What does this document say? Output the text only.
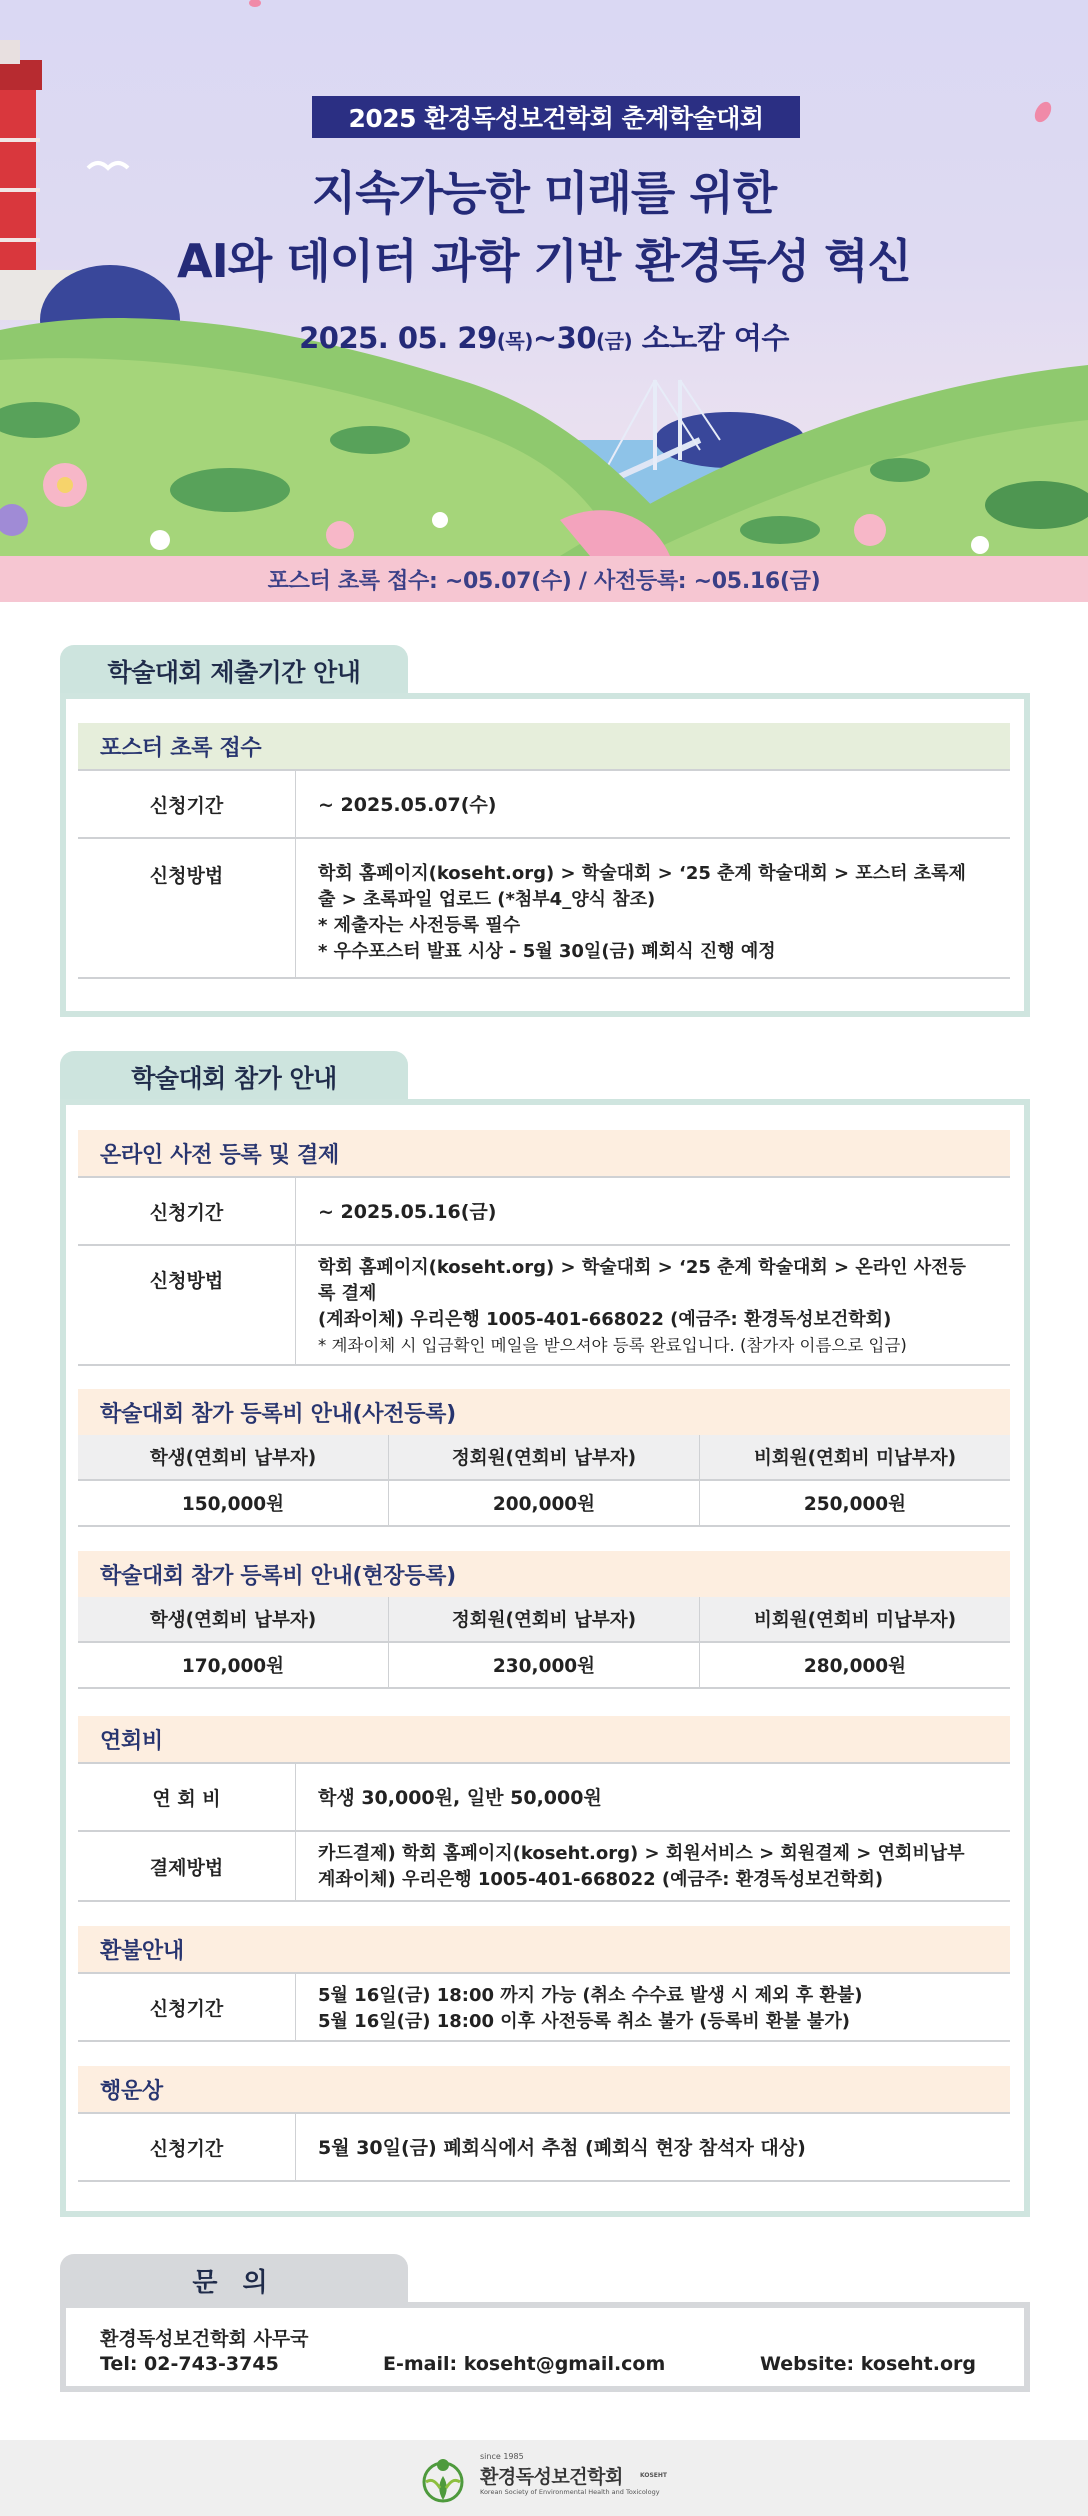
2025 환경독성보건학회 춘계학술대회
지속가능한 미래를 위한
AI와 데이터 과학 기반 환경독성 혁신
2025. 05. 29(목)~30(금) 소노캄 여수
포스터 초록 접수: ~05.07(수) / 사전등록: ~05.16(금)
학술대회 제출기간 안내
포스터 초록 접수
신청기간	~ 2025.05.07(수)
신청방법	학회 홈페이지(koseht.org) > 학술대회 > ‘25 춘계 학술대회 > 포스터 초록제
출 > 초록파일 업로드 (*첨부4_양식 참조)
* 제출자는 사전등록 필수
* 우수포스터 발표 시상 - 5월 30일(금) 폐회식 진행 예정
학술대회 참가 안내
온라인 사전 등록 및 결제
신청기간	~ 2025.05.16(금)
신청방법
학회 홈페이지(koseht.org) > 학술대회 > ‘25 춘계 학술대회 > 온라인 사전등
록 결제
(계좌이체) 우리은행 1005-401-668022 (예금주: 환경독성보건학회)
* 계좌이체 시 입금확인 메일을 받으셔야 등록 완료입니다. (참가자 이름으로 입금)
학술대회 참가 등록비 안내(사전등록)
학생(연회비 납부자)	정회원(연회비 납부자)	비회원(연회비 미납부자)
150,000원	200,000원	250,000원
학술대회 참가 등록비 안내(현장등록)
학생(연회비 납부자)	정회원(연회비 납부자)	비회원(연회비 미납부자)
170,000원	230,000원	280,000원
연회비
연 회 비	학생 30,000원, 일반 50,000원
결제방법
카드결제) 학회 홈페이지(koseht.org) > 회원서비스 > 회원결제 > 연회비납부
계좌이체) 우리은행 1005-401-668022 (예금주: 환경독성보건학회)
환불안내
신청기간
5월 16일(금) 18:00 까지 가능 (취소 수수료 발생 시 제외 후 환불)
5월 16일(금) 18:00 이후 사전등록 취소 불가 (등록비 환불 불가)
행운상
신청기간	5월 30일(금) 폐회식에서 추첨 (폐회식 현장 참석자 대상)
문 의
환경독성보건학회 사무국
Tel: 02-743-3745	E-mail: koseht@gmail.com	Website: koseht.org
since 1985
환경독성보건학회	KOSEHT
Korean Society of Environmental Health and Toxicology
